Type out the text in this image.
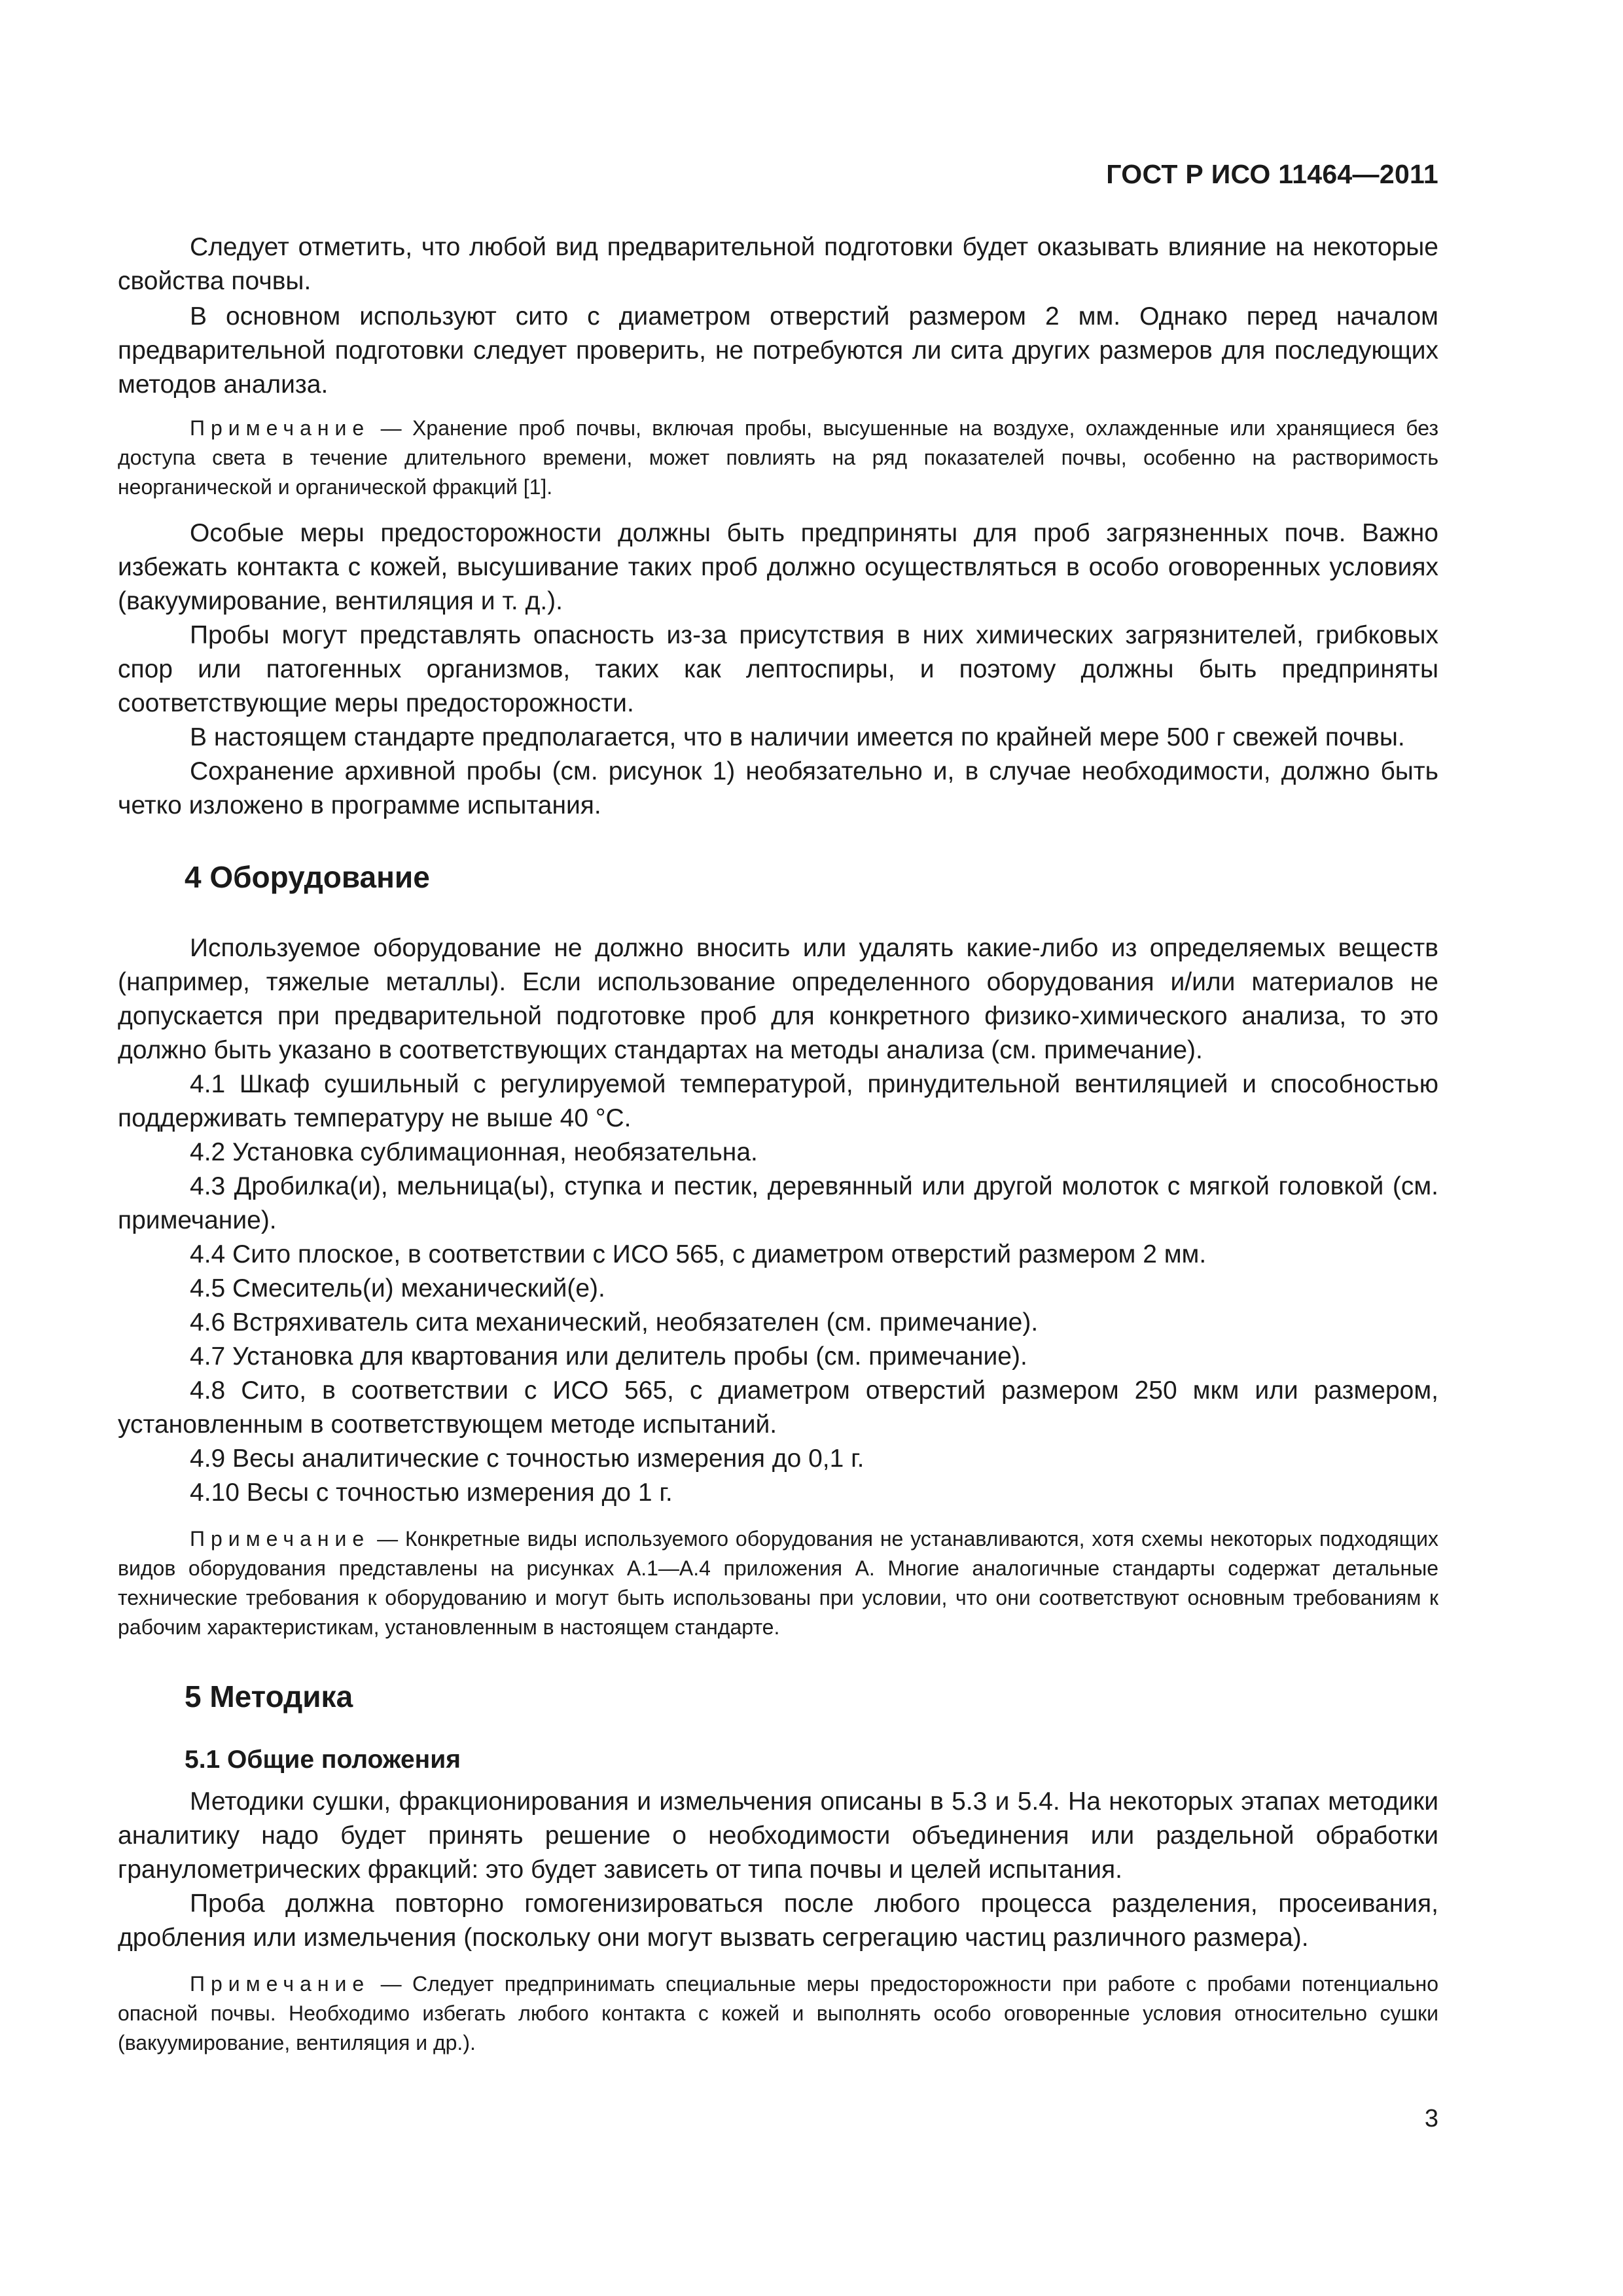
ГОСТ Р ИСО 11464—2011

Следует отметить, что любой вид предварительной подготовки будет оказывать влияние на некоторые свойства почвы.

В основном используют сито с диаметром отверстий размером 2 мм. Однако перед началом предварительной подготовки следует проверить, не потребуются ли сита других размеров для последующих методов анализа.

Примечание — Хранение проб почвы, включая пробы, высушенные на воздухе, охлажденные или хранящиеся без доступа света в течение длительного времени, может повлиять на ряд показателей почвы, особенно на растворимость неорганической и органической фракций [1].

Особые меры предосторожности должны быть предприняты для проб загрязненных почв. Важно избежать контакта с кожей, высушивание таких проб должно осуществляться в особо оговоренных условиях (вакуумирование, вентиляция и т. д.).

Пробы могут представлять опасность из-за присутствия в них химических загрязнителей, грибковых спор или патогенных организмов, таких как лептоспиры, и поэтому должны быть предприняты соответствующие меры предосторожности.

В настоящем стандарте предполагается, что в наличии имеется по крайней мере 500 г свежей почвы.

Сохранение архивной пробы (см. рисунок 1) необязательно и, в случае необходимости, должно быть четко изложено в программе испытания.

4 Оборудование

Используемое оборудование не должно вносить или удалять какие-либо из определяемых веществ (например, тяжелые металлы). Если использование определенного оборудования и/или материалов не допускается при предварительной подготовке проб для конкретного физико-химического анализа, то это должно быть указано в соответствующих стандартах на методы анализа (см. примечание).

4.1 Шкаф сушильный с регулируемой температурой, принудительной вентиляцией и способностью поддерживать температуру не выше 40 °С.

4.2 Установка сублимационная, необязательна.

4.3 Дробилка(и), мельница(ы), ступка и пестик, деревянный или другой молоток с мягкой головкой (см. примечание).

4.4 Сито плоское, в соответствии с ИСО 565, с диаметром отверстий размером 2 мм.

4.5 Смеситель(и) механический(е).

4.6 Встряхиватель сита механический, необязателен (см. примечание).

4.7 Установка для квартования или делитель пробы (см. примечание).

4.8 Сито, в соответствии с ИСО 565, с диаметром отверстий размером 250 мкм или размером, установленным в соответствующем методе испытаний.

4.9 Весы аналитические с точностью измерения до 0,1 г.

4.10 Весы с точностью измерения до 1 г.

Примечание — Конкретные виды используемого оборудования не устанавливаются, хотя схемы некоторых подходящих видов оборудования представлены на рисунках А.1—А.4 приложения А. Многие аналогичные стандарты содержат детальные технические требования к оборудованию и могут быть использованы при условии, что они соответствуют основным требованиям к рабочим характеристикам, установленным в настоящем стандарте.

5 Методика
5.1 Общие положения

Методики сушки, фракционирования и измельчения описаны в 5.3 и 5.4. На некоторых этапах методики аналитику надо будет принять решение о необходимости объединения или раздельной обработки гранулометрических фракций: это будет зависеть от типа почвы и целей испытания.

Проба должна повторно гомогенизироваться после любого процесса разделения, просеивания, дробления или измельчения (поскольку они могут вызвать сегрегацию частиц различного размера).

Примечание — Следует предпринимать специальные меры предосторожности при работе с пробами потенциально опасной почвы. Необходимо избегать любого контакта с кожей и выполнять особо оговоренные условия относительно сушки (вакуумирование, вентиляция и др.).

3
